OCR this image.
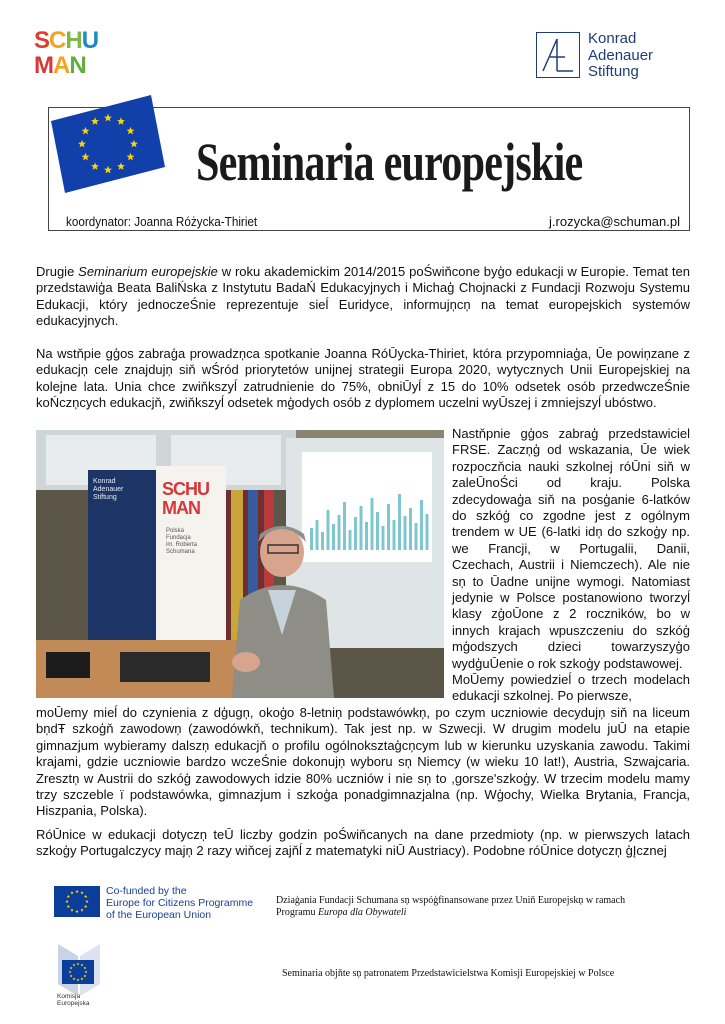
SCHU
MAN
Konrad
Adenauer
Stiftung
Seminaria europejskie
koordynator: Joanna Różycka-Thiriet	j.rozycka@schuman.pl
Drugie Seminarium europejskie w roku akademickim 2014/2015 poŚwiňcone byģo edukacji w Europie. Temat ten przedstawiģa Beata BaliŃska z Instytutu BadaŃ Edukacyjnych i Michaģ Chojnacki z Fundacji Rozwoju Systemu Edukacji, który jednoczeŚnie reprezentuje sieĺ Euridyce, informujņcņ na temat europejskich systemów edukacyjnych.
Na wstňpie gģos zabraģa prowadzņca spotkanie Joanna RóŪycka-Thiriet, która przypomniaģa, Ūe powiņzane z edukacjņ cele znajdujņ siň wŚród priorytetów unijnej strategii Europa 2020, wytycznych Unii Europejskiej na kolejne lata. Unia chce zwiňkszyĺ zatrudnienie do 75%, obniŪyĺ z 15 do 10% odsetek osób przedwczeŚnie koŃczņcych edukacjň, zwiňkszyĺ odsetek mģodych osób z dyplomem uczelni wyŪszej i zmniejszyĺ ubóstwo.
Konrad
Adenauer
Stiftung	SCHU
MAN
Polska
Fundacja
im. Roberta
Schumana
Nastňpnie gģos zabraģ przedstawiciel FRSE. Zaczņģ od wskazania, Ūe wiek rozpoczňcia nauki szkolnej róŪni siň w zaleŪnoŚci od kraju. Polska zdecydowaģa siň na posģanie 6-latków do szkóģ co zgodne jest z ogólnym trendem w UE (6-latki idņ do szkoģy np. we Francji, w Portugalii, Danii, Czechach, Austrii i Niemczech). Ale nie sņ to Ūadne unijne wymogi. Natomiast jedynie w Polsce postanowiono tworzyĺ klasy zģoŪone z 2 roczników, bo w innych krajach wpuszczeniu do szkóģ mģodszych dzieci towarzyszyģo wydģuŪenie o rok szkoģy podstawowej.
MoŪemy powiedzieĺ o trzech modelach edukacji szkolnej. Po pierwsze,
moŪemy mieĺ do czynienia z dģugņ, okoģo 8-letniņ podstawówkņ, po czym uczniowie decydujņ siň na liceum bņdŦ szkoģň zawodowņ (zawodówkň, technikum). Tak jest np. w Szwecji. W drugim modelu juŪ na etapie gimnazjum wybieramy dalszņ edukacjň o profilu ogólnoksztaģcņcym lub w kierunku uzyskania zawodu. Takimi krajami, gdzie uczniowie bardzo wczeŚnie dokonujņ wyboru sņ Niemcy (w wieku 10 lat!), Austria, Szwajcaria. Zresztņ w Austrii do szkóģ zawodowych idzie 80% uczniów i nie sņ to ,gorsze'szkoģy. W trzecim modelu mamy trzy szczeble ï podstawówka, gimnazjum i szkoģa ponadgimnazjalna (np. Wģochy, Wielka Brytania, Francja, Hiszpania, Polska).
RóŪnice w edukacji dotyczņ teŪ liczby godzin poŚwiňcanych na dane przedmioty (np. w pierwszych latach szkoģy Portugalczycy majņ 2 razy wiňcej zajňĺ z matematyki niŪ Austriacy). Podobne róŪnice dotyczņ ģĮcznej
Co-funded by the
Europe for Citizens Programme
of the European Union
Dziaģania Fundacji Schumana sņ wspóģfinansowane przez Uniň Europejskņ w ramach
Programu Europa dla Obywateli
Komisja
Europejska
Seminaria objňte sņ patronatem Przedstawicielstwa Komisji Europejskiej w Polsce
